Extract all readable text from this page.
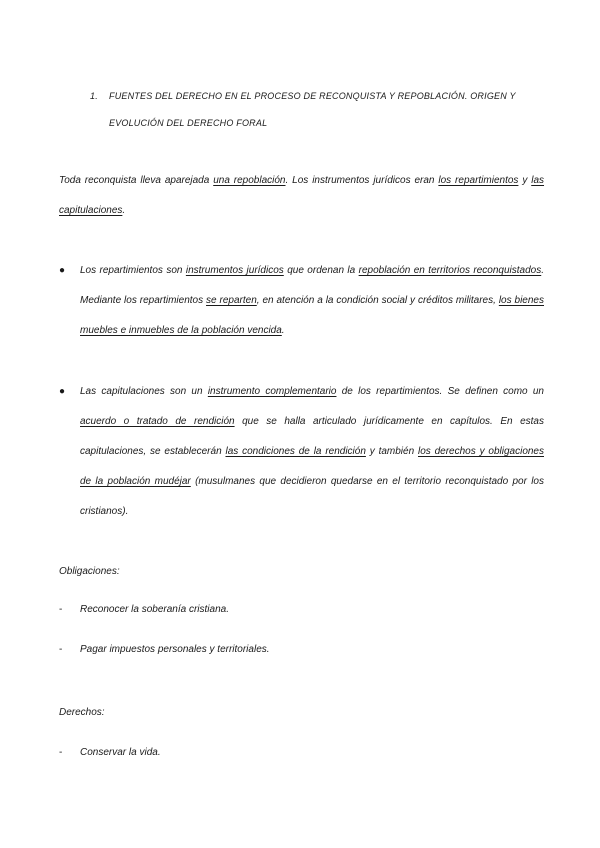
1. FUENTES DEL DERECHO EN EL PROCESO DE RECONQUISTA Y REPOBLACIÓN. ORIGEN Y
EVOLUCIÓN DEL DERECHO FORAL
Toda reconquista lleva aparejada una repoblación. Los instrumentos jurídicos eran los repartimientos y las capitulaciones.
●	Los repartimientos son instrumentos jurídicos que ordenan la repoblación en territorios reconquistados. Mediante los repartimientos se reparten, en atención a la condición social y créditos militares, los bienes muebles e inmuebles de la población vencida.
●	Las capitulaciones son un instrumento complementario de los repartimientos. Se definen como un acuerdo o tratado de rendición que se halla articulado jurídicamente en capítulos. En estas capitulaciones, se establecerán las condiciones de la rendición y también los derechos y obligaciones de la población mudéjar (musulmanes que decidieron quedarse en el territorio reconquistado por los cristianos).
Obligaciones:
- Reconocer la soberanía cristiana.
- Pagar impuestos personales y territoriales.
Derechos:
- Conservar la vida.
